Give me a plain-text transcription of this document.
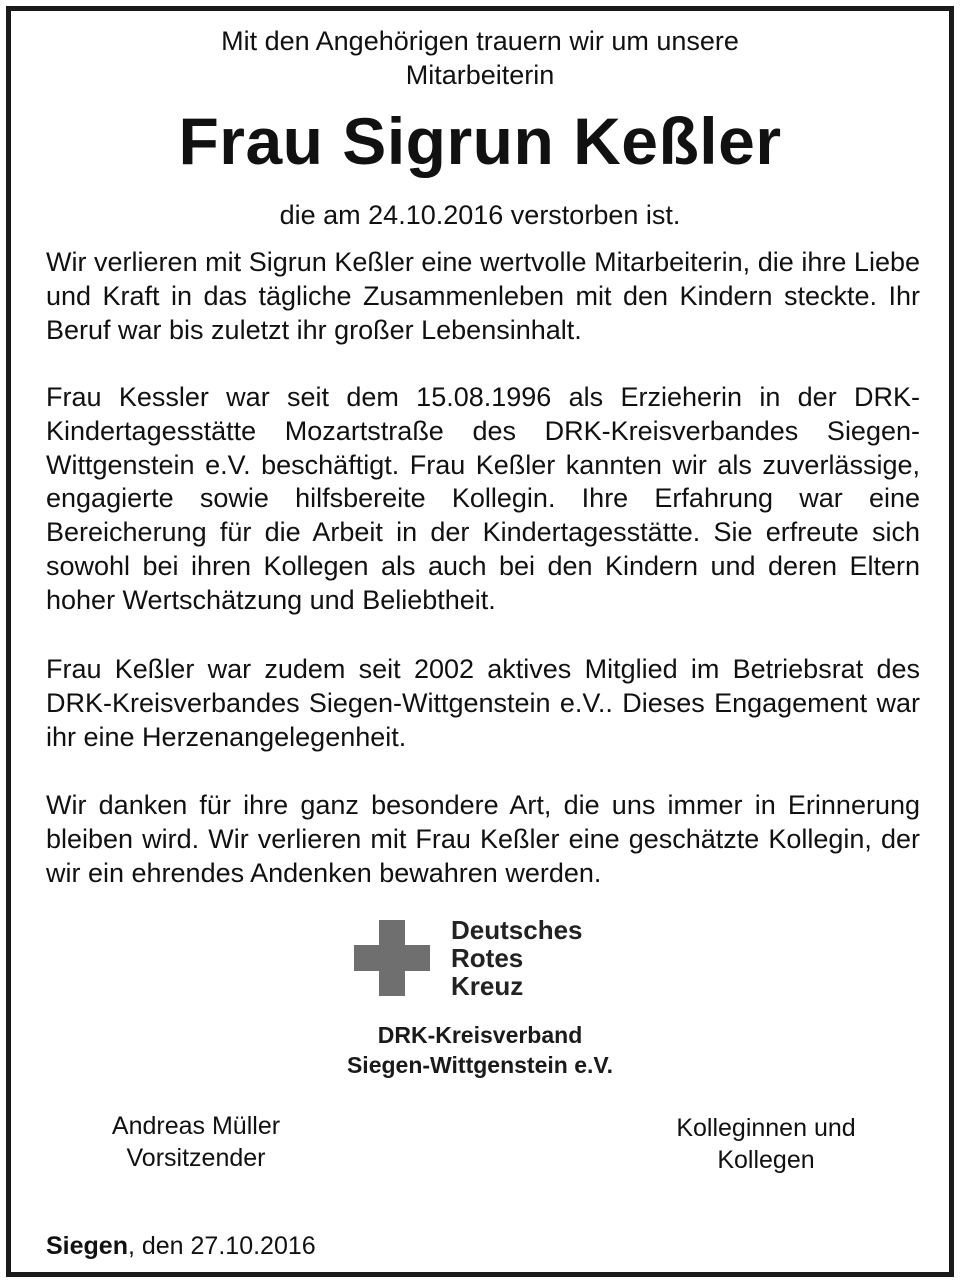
Mit den Angehörigen trauern wir um unsere
Mitarbeiterin
Frau Sigrun Keßler
die am 24.10.2016 verstorben ist.

Wir verlieren mit Sigrun Keßler eine wertvolle Mitarbeiterin, die ihre Liebe und Kraft in das tägliche Zusammenleben mit den Kindern steckte. Ihr Beruf war bis zuletzt ihr großer Lebensinhalt.

Frau Kessler war seit dem 15.08.1996 als Erzieherin in der DRK-Kindertagesstätte Mozartstraße des DRK-Kreisverbandes Siegen-Wittgenstein e.V. beschäftigt. Frau Keßler kannten wir als zuverlässige, engagierte sowie hilfsbereite Kollegin. Ihre Erfahrung war eine Bereicherung für die Arbeit in der Kindertagesstätte. Sie erfreute sich sowohl bei ihren Kollegen als auch bei den Kindern und deren Eltern hoher Wertschätzung und Beliebtheit.

Frau Keßler war zudem seit 2002 aktives Mitglied im Betriebsrat des DRK-Kreisverbandes Siegen-Wittgenstein e.V.. Dieses Engagement war ihr eine Herzenangelegenheit.

Wir danken für ihre ganz besondere Art, die uns immer in Erinnerung bleiben wird. Wir verlieren mit Frau Keßler eine geschätzte Kollegin, der wir ein ehrendes Andenken bewahren werden.

Deutsches
Rotes
Kreuz
DRK-Kreisverband
Siegen-Wittgenstein e.V.
Andreas Müller
Vorsitzender
Kolleginnen und
Kollegen
Siegen, den 27.10.2016
